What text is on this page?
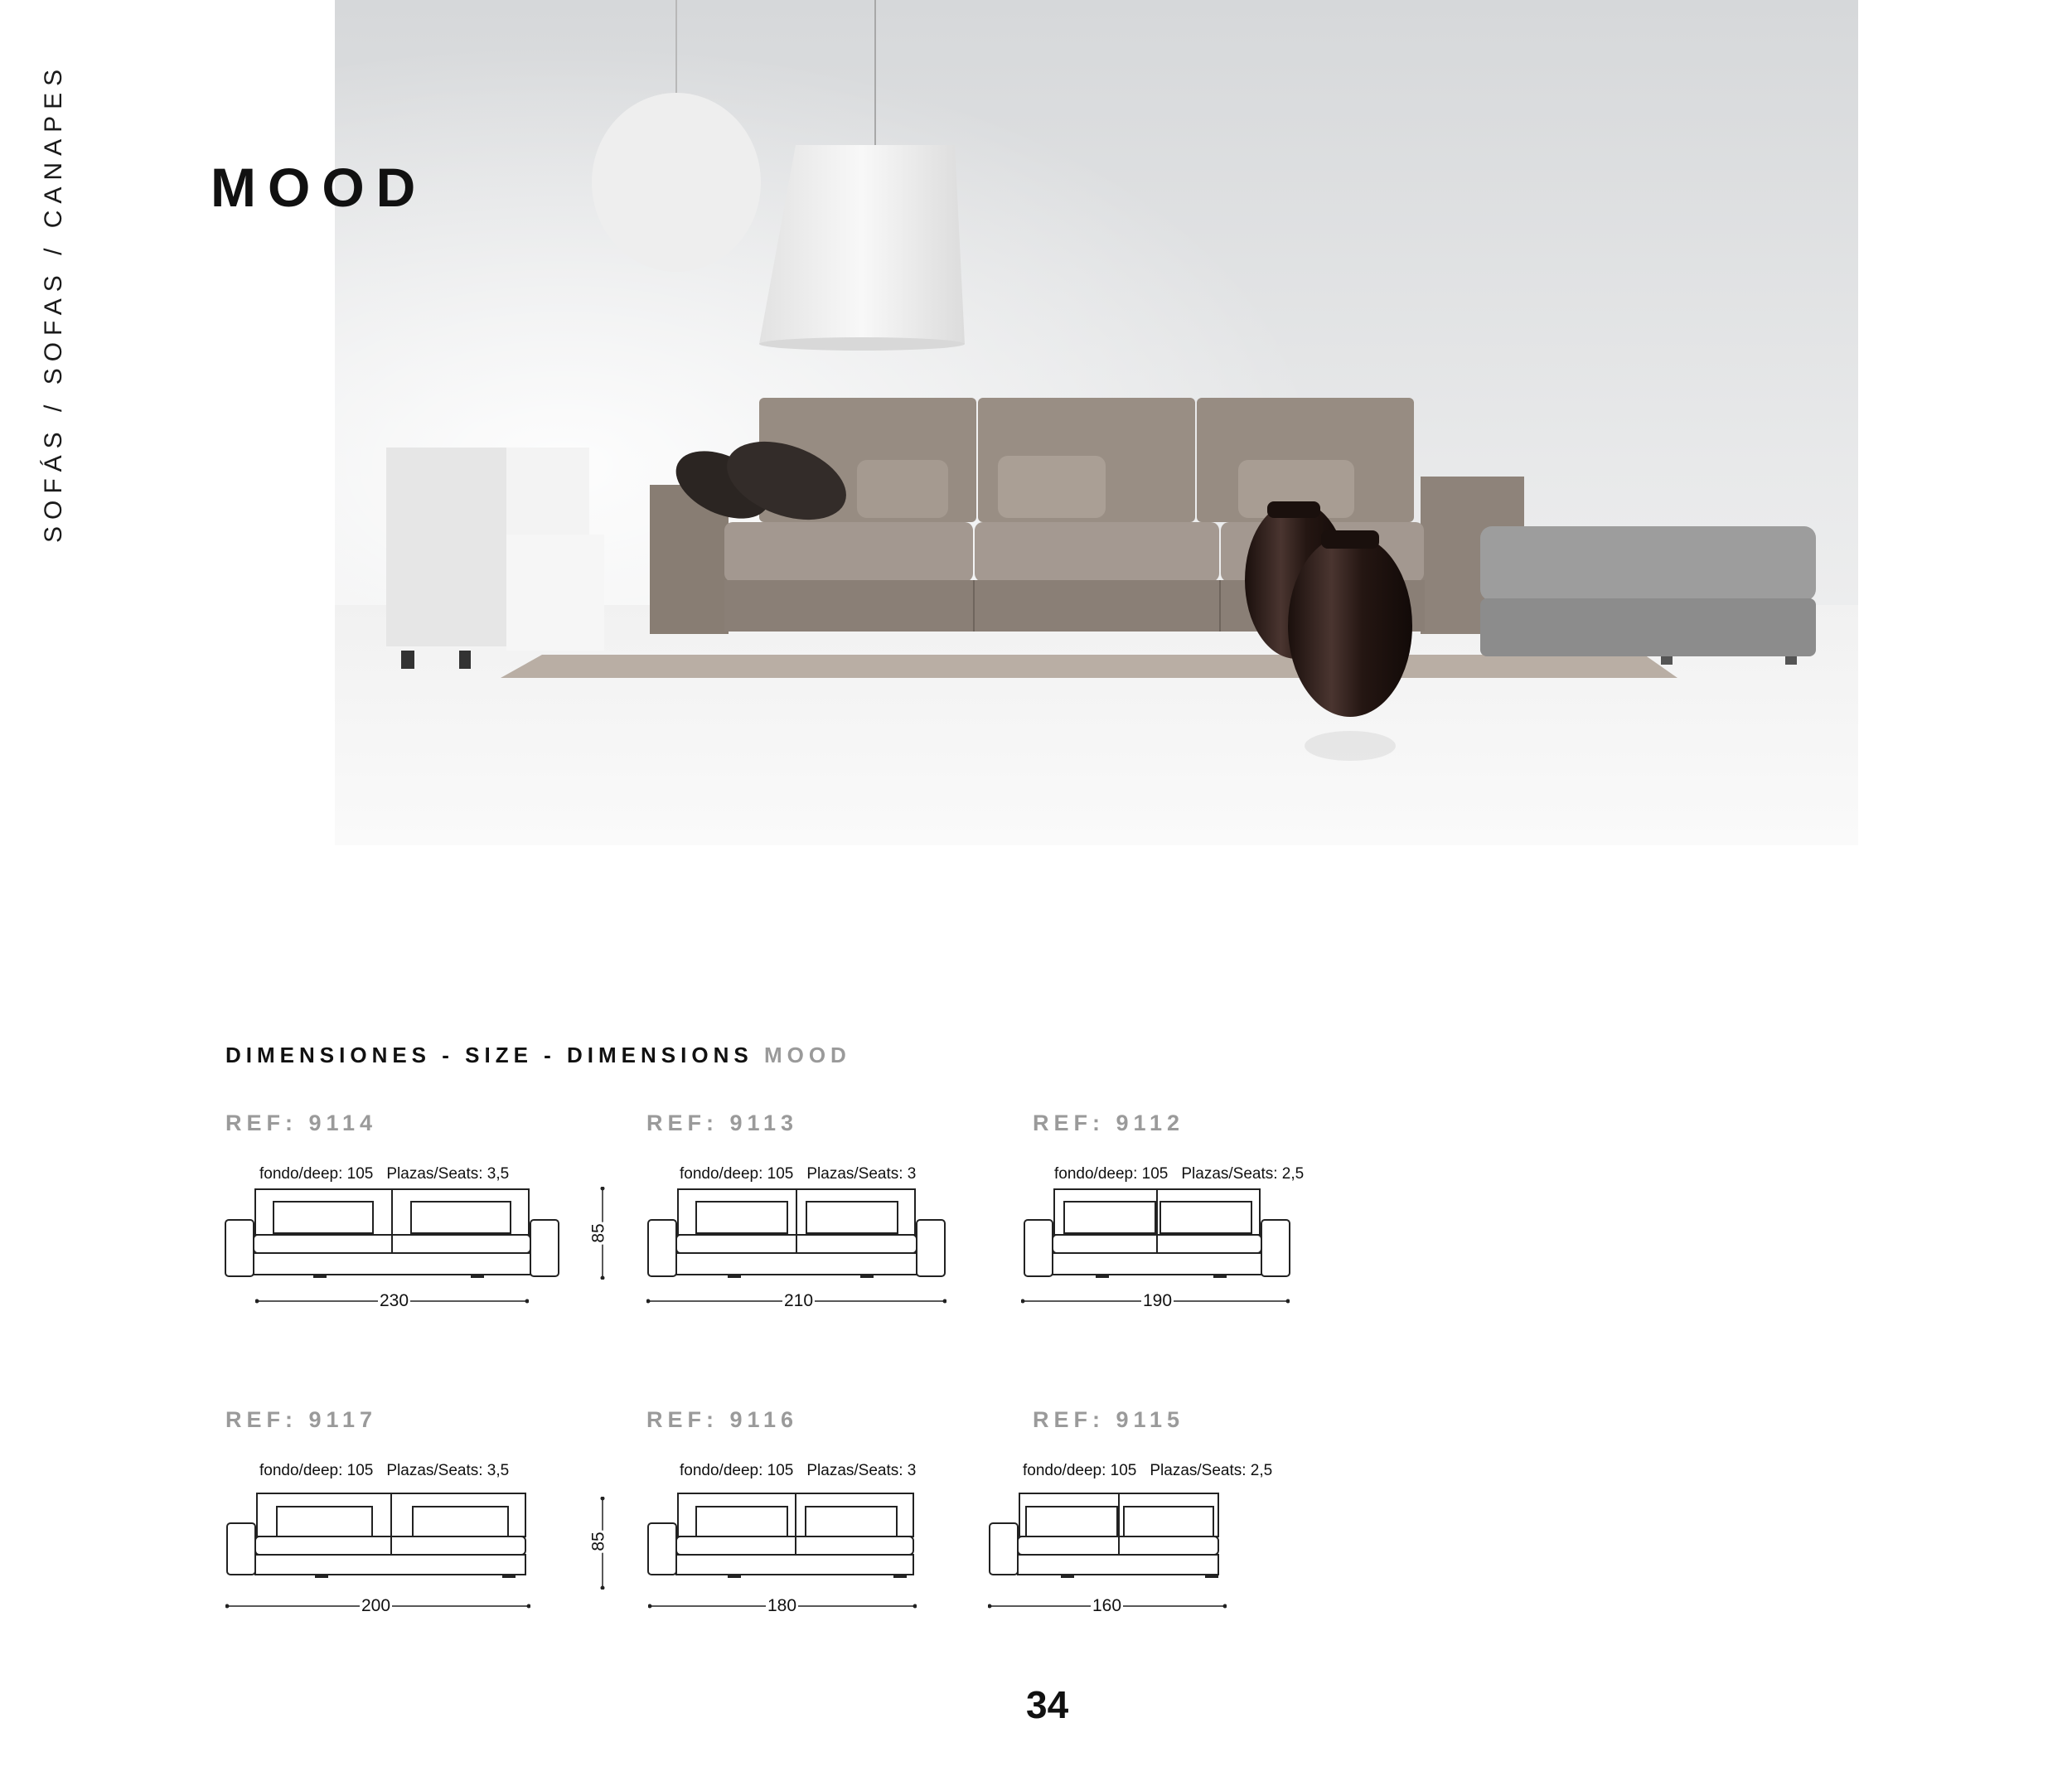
SOFÁS / SOFAS / CANAPES	MOOD
DIMENSIONES - SIZE - DIMENSIONS MOOD
REF: 9114
fondo/deep: 105 Plazas/Seats: 3,5
230
85
REF: 9113
fondo/deep: 105 Plazas/Seats: 3
210
REF: 9112
fondo/deep: 105 Plazas/Seats: 2,5
190
REF: 9117
fondo/deep: 105 Plazas/Seats: 3,5
200
85
REF: 9116
fondo/deep: 105 Plazas/Seats: 3
180
REF: 9115
fondo/deep: 105 Plazas/Seats: 2,5
160
34
